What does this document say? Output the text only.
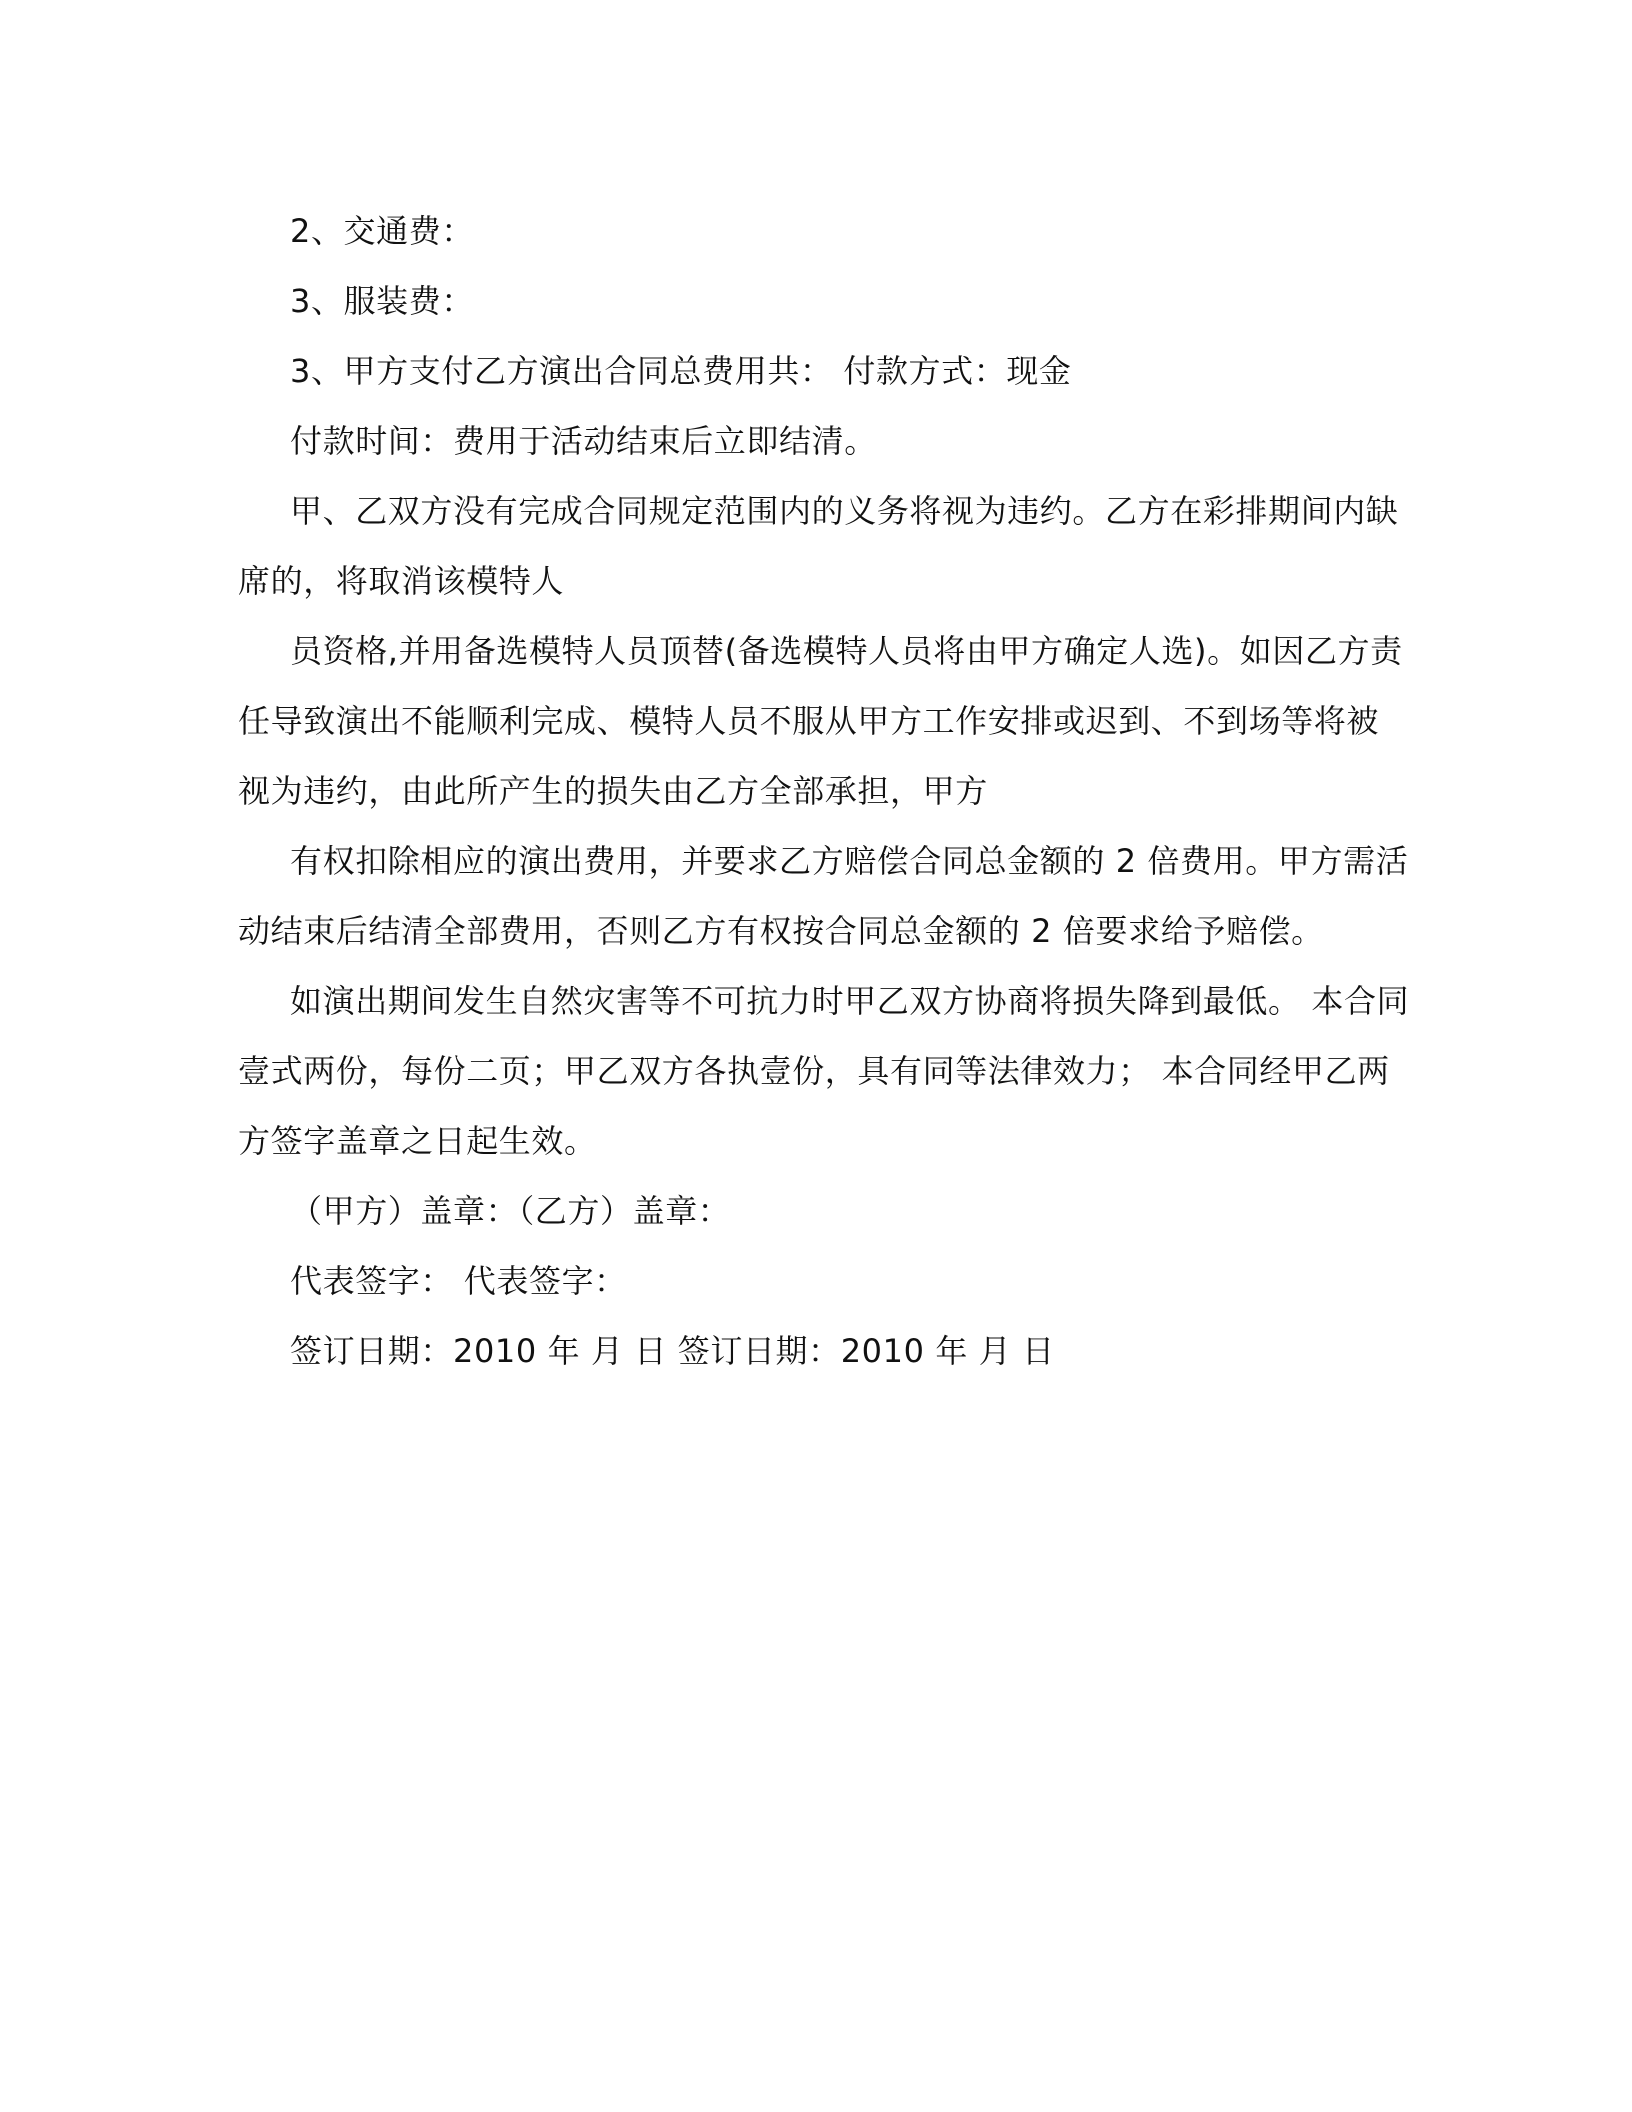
2、交通费：

3、服装费：

3、甲方支付乙方演出合同总费用共： 付款方式：现金

付款时间：费用于活动结束后立即结清。

甲、乙双方没有完成合同规定范围内的义务将视为违约。乙方在彩排期间内缺
席的，将取消该模特人

员资格,并用备选模特人员顶替(备选模特人员将由甲方确定人选)。如因乙方责
任导致演出不能顺利完成、模特人员不服从甲方工作安排或迟到、不到场等将被
视为违约，由此所产生的损失由乙方全部承担，甲方

有权扣除相应的演出费用，并要求乙方赔偿合同总金额的 2 倍费用。甲方需活
动结束后结清全部费用，否则乙方有权按合同总金额的 2 倍要求给予赔偿。

如演出期间发生自然灾害等不可抗力时甲乙双方协商将损失降到最低。 本合同
壹式两份，每份二页；甲乙双方各执壹份，具有同等法律效力； 本合同经甲乙两
方签字盖章之日起生效。

（甲方）盖章：（乙方）盖章：

代表签字： 代表签字：

签订日期：2010 年 月 日 签订日期：2010 年 月 日
